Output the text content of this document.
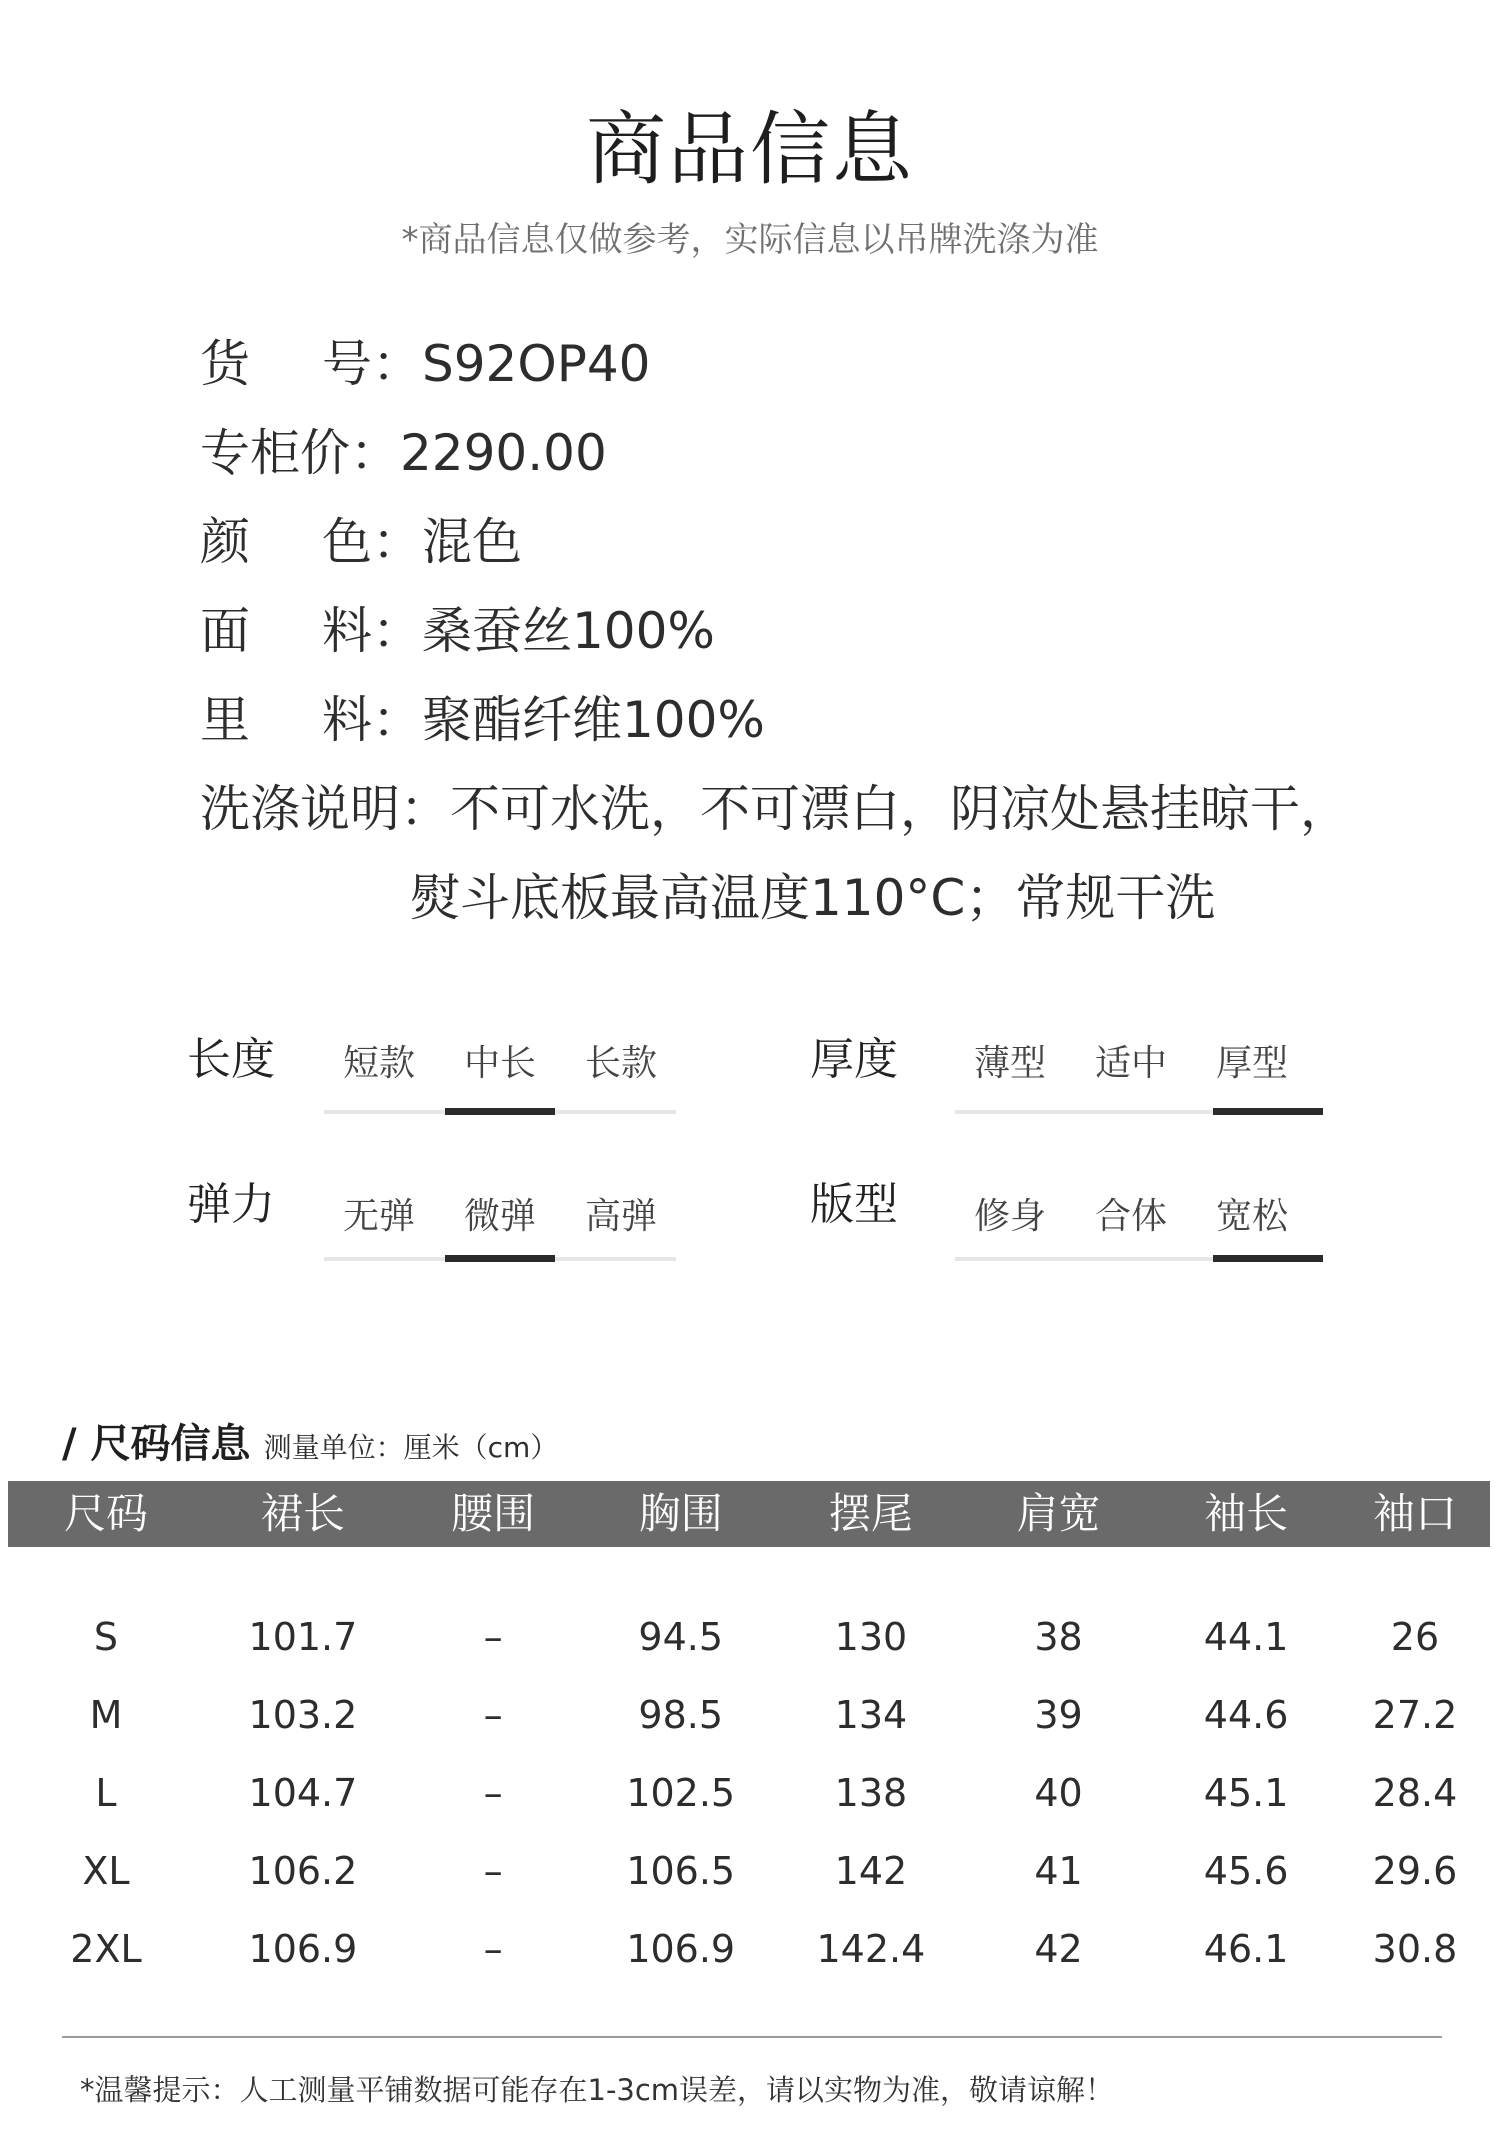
商品信息

*商品信息仅做参考，实际信息以吊牌洗涤为准

货 号 ：S92OP40
专柜价：2290.00
颜 色 ：混色
面 料 ：桑蚕丝100%
里 料 ：聚酯纤维100%
洗涤说明：不可水洗，不可漂白，阴凉处悬挂晾干，
熨斗底板最高温度110°C；常规干洗
长度	短款	中长	长款	厚度	薄型	适中	厚型
弹力	无弹	微弹	高弹	版型	修身	合体	宽松
/ 尺码信息 测量单位：厘米（cm）
尺码	裙长	腰围	胸围	摆尾	肩宽	袖长	袖口

S	101.7	–	94.5	130	38	44.1	26
M	103.2	–	98.5	134	39	44.6	27.2
L	104.7	–	102.5	138	40	45.1	28.4
XL	106.2	–	106.5	142	41	45.6	29.6
2XL	106.9	–	106.9	142.4	42	46.1	30.8
*温馨提示：人工测量平铺数据可能存在1-3cm误差，请以实物为准，敬请谅解！
